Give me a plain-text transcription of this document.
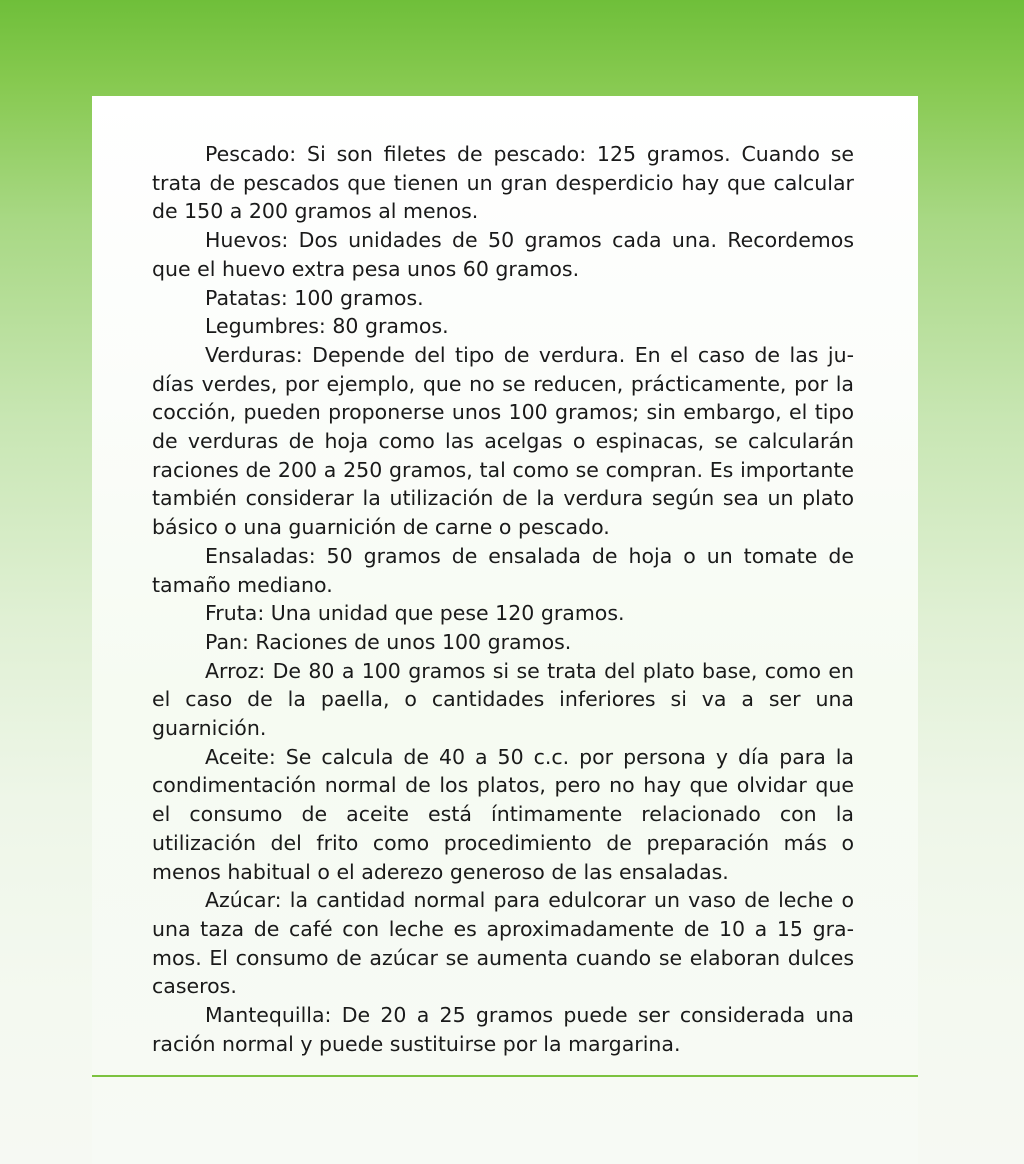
Pescado: Si son filetes de pescado: 125 gramos. Cuando se trata de pescados que tienen un gran desperdicio hay que calcular de 150 a 200 gramos al menos.

Huevos: Dos unidades de 50 gramos cada una. Recordemos que el huevo extra pesa unos 60 gramos.

Patatas: 100 gramos.

Legumbres: 80 gramos.

Verduras: Depende del tipo de verdura. En el caso de las judías verdes, por ejemplo, que no se reducen, prácticamente, por la cocción, pueden proponerse unos 100 gramos; sin embargo, el tipo de verduras de hoja como las acelgas o espinacas, se calcularán raciones de 200 a 250 gramos, tal como se compran. Es importante también considerar la utilización de la verdura según sea un plato básico o una guarnición de carne o pescado.

Ensaladas: 50 gramos de ensalada de hoja o un tomate de tamaño mediano.

Fruta: Una unidad que pese 120 gramos.

Pan: Raciones de unos 100 gramos.

Arroz: De 80 a 100 gramos si se trata del plato base, como en el caso de la paella, o cantidades inferiores si va a ser una guarnición.

Aceite: Se calcula de 40 a 50 c.c. por persona y día para la condimentación normal de los platos, pero no hay que olvidar que el consumo de aceite está íntimamente relacionado con la utilización del frito como procedimiento de preparación más o menos habitual o el aderezo generoso de las ensaladas.

Azúcar: la cantidad normal para edulcorar un vaso de leche o una taza de café con leche es aproximadamente de 10 a 15 gramos. El consumo de azúcar se aumenta cuando se elaboran dulces caseros.

Mantequilla: De 20 a 25 gramos puede ser considerada una ración normal y puede sustituirse por la margarina.
